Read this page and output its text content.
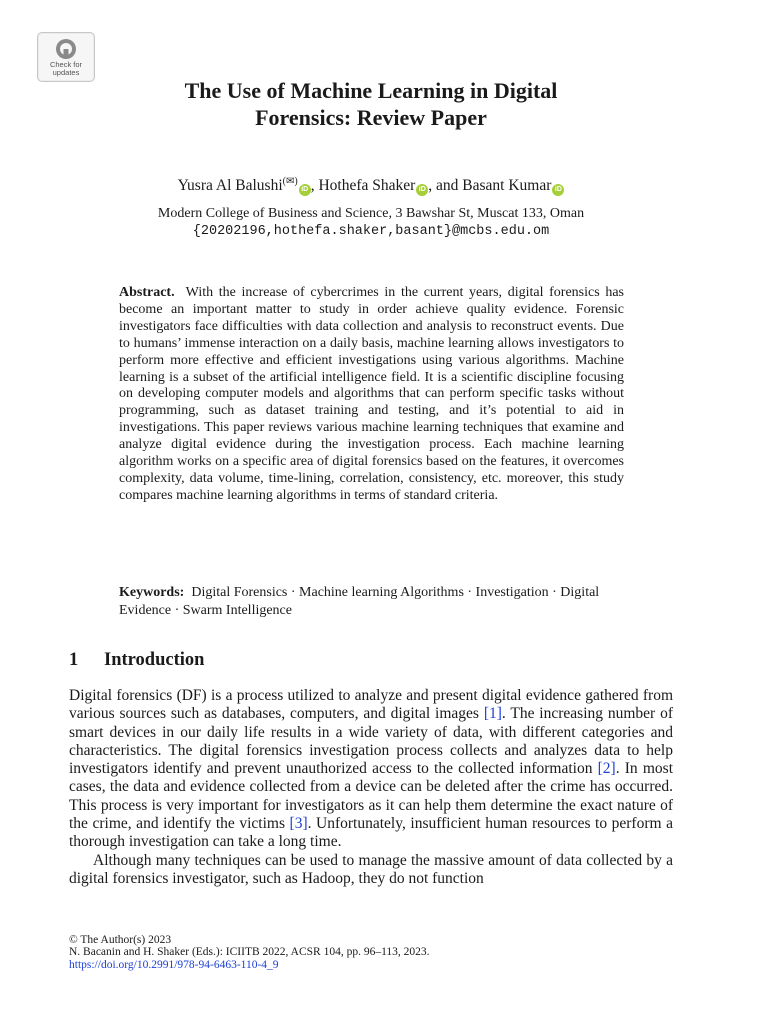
Check for
updates
The Use of Machine Learning in Digital
Forensics: Review Paper
Yusra Al Balushi(✉)iD , Hothefa Shaker iD , and Basant Kumar iD
Modern College of Business and Science, 3 Bawshar St, Muscat 133, Oman
{20202196,hothefa.shaker,basant}@mcbs.edu.om
Abstract. With the increase of cybercrimes in the current years, digital forensics has become an important matter to study in order achieve quality evidence. Forensic investigators face difficulties with data collection and analysis to reconstruct events. Due to humans’ immense interaction on a daily basis, machine learning allows investigators to perform more effective and efficient investigations using various algorithms. Machine learning is a subset of the artificial intelligence field. It is a scientific discipline focusing on developing computer models and algorithms that can perform specific tasks without programming, such as dataset training and testing, and it’s potential to aid in investigations. This paper reviews various machine learning techniques that examine and analyze digital evidence during the investigation process. Each machine learning algorithm works on a specific area of digital forensics based on the features, it overcomes complexity, data volume, time-lining, correlation, consistency, etc. moreover, this study compares machine learning algorithms in terms of standard criteria.
Keywords: Digital Forensics · Machine learning Algorithms · Investigation · Digital Evidence · Swarm Intelligence
1 Introduction

Digital forensics (DF) is a process utilized to analyze and present digital evidence gathered from various sources such as databases, computers, and digital images [1]. The increasing number of smart devices in our daily life results in a wide variety of data, with different categories and characteristics. The digital forensics investigation process collects and analyzes data to help investigators identify and prevent unauthorized access to the collected information [2]. In most cases, the data and evidence collected from a device can be deleted after the crime has occurred. This process is very important for investigators as it can help them determine the exact nature of the crime, and identify the victims [3]. Unfortunately, insufficient human resources to perform a thorough investigation can take a long time.

Although many techniques can be used to manage the massive amount of data collected by a digital forensics investigator, such as Hadoop, they do not function

© The Author(s) 2023
N. Bacanin and H. Shaker (Eds.): ICIITB 2022, ACSR 104, pp. 96–113, 2023.
https://doi.org/10.2991/978-94-6463-110-4_9
